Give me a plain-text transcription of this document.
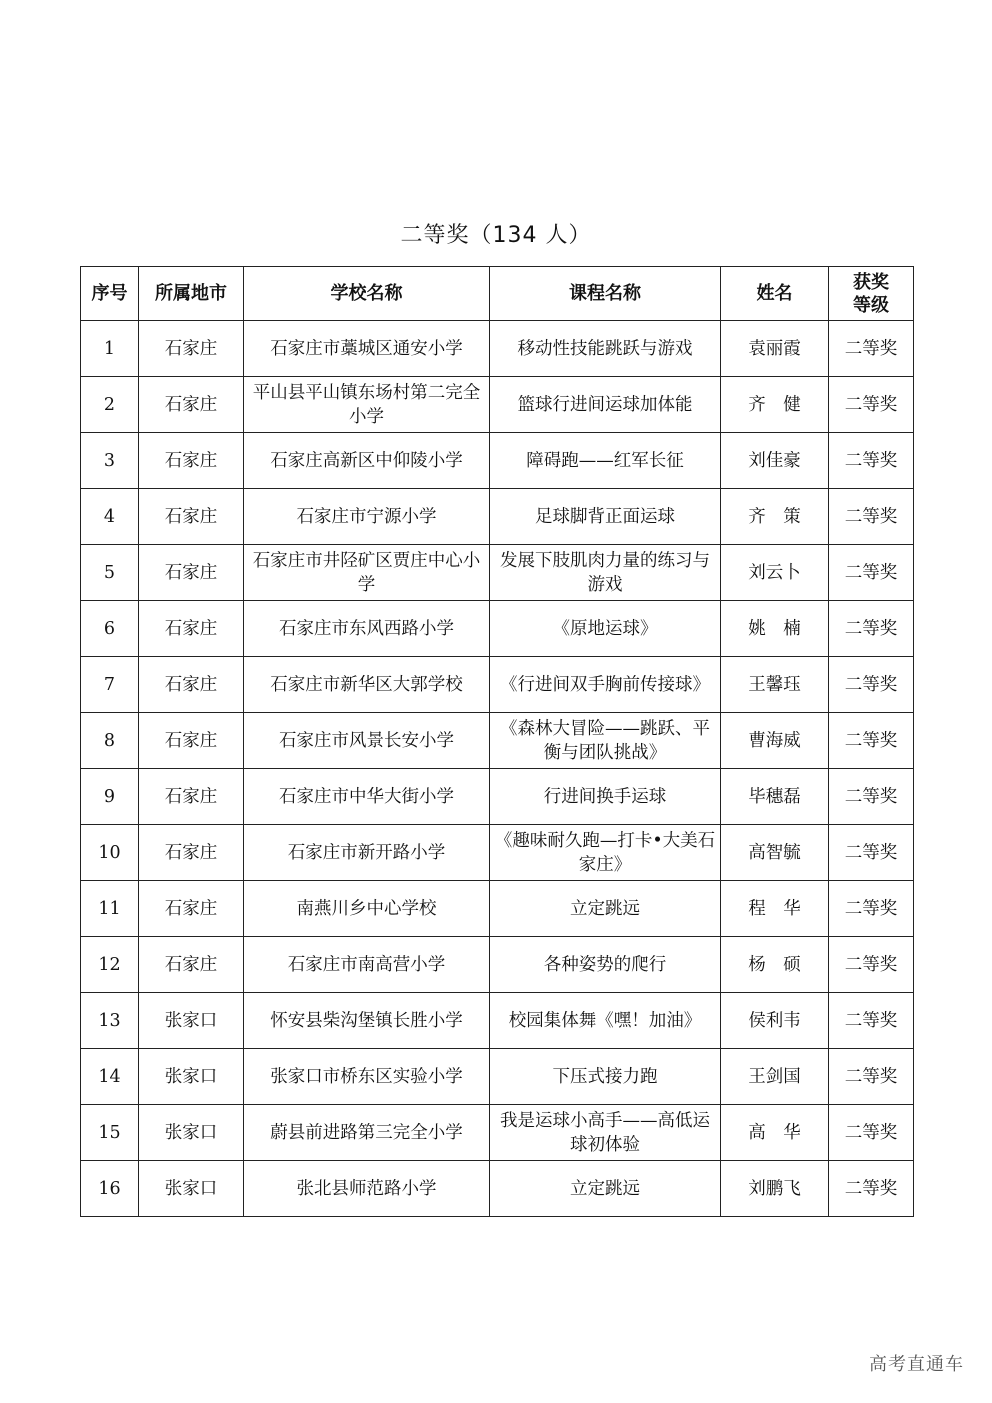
二等奖（134 人）
序号	所属地市	学校名称	课程名称	姓名	获奖
等级
1	石家庄	石家庄市藁城区通安小学	移动性技能跳跃与游戏	袁丽霞	二等奖
2	石家庄	平山县平山镇东场村第二完全小学	篮球行进间运球加体能	齐　健	二等奖
3	石家庄	石家庄高新区中仰陵小学	障碍跑——红军长征	刘佳豪	二等奖
4	石家庄	石家庄市宁源小学	足球脚背正面运球	齐　策	二等奖
5	石家庄	石家庄市井陉矿区贾庄中心小学	发展下肢肌肉力量的练习与游戏	刘云卜	二等奖
6	石家庄	石家庄市东风西路小学	《原地运球》	姚　楠	二等奖
7	石家庄	石家庄市新华区大郭学校	《行进间双手胸前传接球》	王馨珏	二等奖
8	石家庄	石家庄市风景长安小学	《森林大冒险——跳跃、平衡与团队挑战》	曹海威	二等奖
9	石家庄	石家庄市中华大街小学	行进间换手运球	毕穗磊	二等奖
10	石家庄	石家庄市新开路小学	《趣味耐久跑—打卡•大美石家庄》	高智毓	二等奖
11	石家庄	南燕川乡中心学校	立定跳远	程　华	二等奖
12	石家庄	石家庄市南高营小学	各种姿势的爬行	杨　硕	二等奖
13	张家口	怀安县柴沟堡镇长胜小学	校园集体舞《嘿！加油》	侯利韦	二等奖
14	张家口	张家口市桥东区实验小学	下压式接力跑	王剑国	二等奖
15	张家口	蔚县前进路第三完全小学	我是运球小高手——高低运球初体验	高　华	二等奖
16	张家口	张北县师范路小学	立定跳远	刘鹏飞	二等奖
高考直通车
